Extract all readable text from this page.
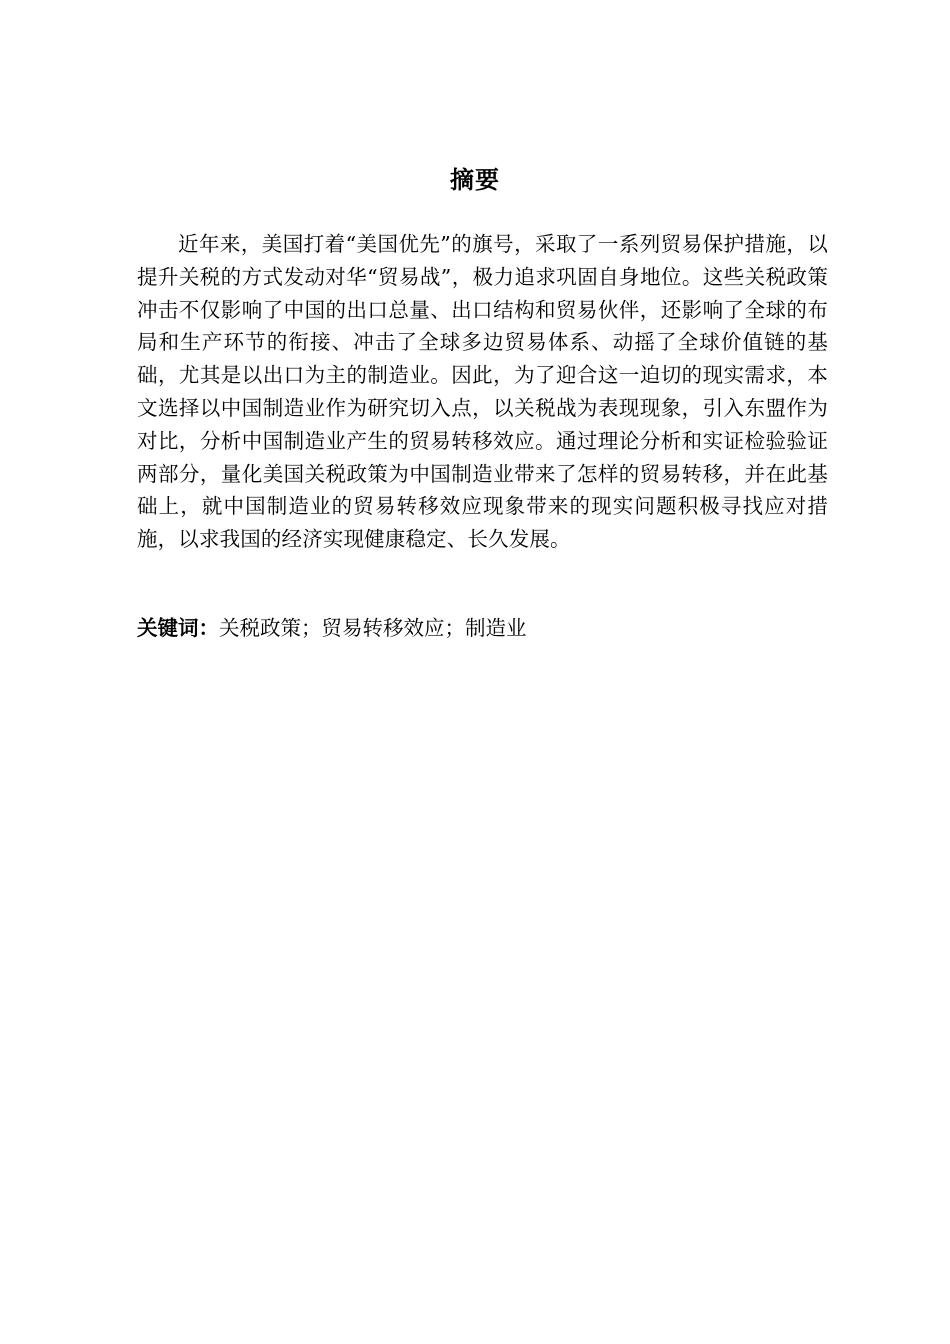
摘要

近年来，美国打着“美国优先”的旗号，采取了一系列贸易保护措施，以提升关税的方式发动对华“贸易战”，极力追求巩固自身地位。这些关税政策冲击不仅影响了中国的出口总量、出口结构和贸易伙伴，还影响了全球的布局和生产环节的衔接、冲击了全球多边贸易体系、动摇了全球价值链的基础，尤其是以出口为主的制造业。因此，为了迎合这一迫切的现实需求，本文选择以中国制造业作为研究切入点，以关税战为表现现象，引入东盟作为对比，分析中国制造业产生的贸易转移效应。通过理论分析和实证检验验证两部分，量化美国关税政策为中国制造业带来了怎样的贸易转移，并在此基础上，就中国制造业的贸易转移效应现象带来的现实问题积极寻找应对措施，以求我国的经济实现健康稳定、长久发展。

关键词：关税政策；贸易转移效应；制造业
